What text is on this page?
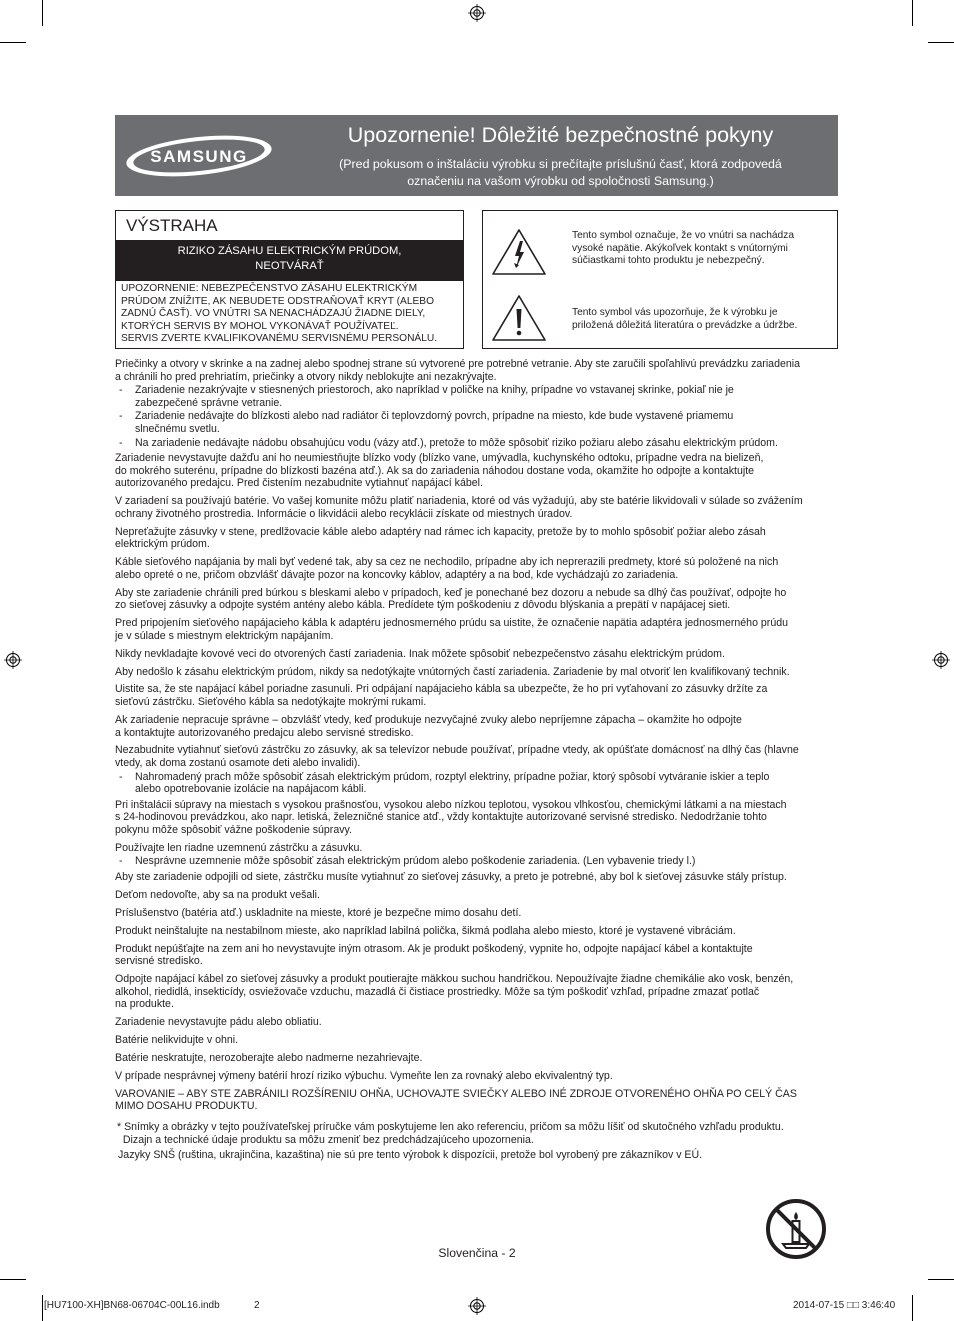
SAMSUNG
Upozornenie! Dôležité bezpečnostné pokyny
(Pred pokusom o inštaláciu výrobku si prečítajte príslušnú časť, ktorá zodpovedá
označeniu na vašom výrobku od spoločnosti Samsung.)
VÝSTRAHA
RIZIKO ZÁSAHU ELEKTRICKÝM PRÚDOM,
NEOTVÁRAŤ
UPOZORNENIE: NEBEZPEČENSTVO ZÁSAHU ELEKTRICKÝM
PRÚDOM ZNÍŽITE, AK NEBUDETE ODSTRAŇOVAŤ KRYT (ALEBO
ZADNÚ ČASŤ). VO VNÚTRI SA NENACHÁDZAJÚ ŽIADNE DIELY,
KTORÝCH SERVIS BY MOHOL VYKONÁVAŤ POUŽÍVATEĽ.
SERVIS ZVERTE KVALIFIKOVANÉMU SERVISNÉMU PERSONÁLU.
Tento symbol označuje, že vo vnútri sa nachádza
vysoké napätie. Akýkoľvek kontakt s vnútornými
súčiastkami tohto produktu je nebezpečný.
Tento symbol vás upozorňuje, že k výrobku je
priložená dôležitá literatúra o prevádzke a údržbe.
Priečinky a otvory v skrinke a na zadnej alebo spodnej strane sú vytvorené pre potrebné vetranie. Aby ste zaručili spoľahlivú prevádzku zariadenia
a chránili ho pred prehriatím, priečinky a otvory nikdy neblokujte ani nezakrývajte.
- Zariadenie nezakrývajte v stiesnených priestoroch, ako napríklad v poličke na knihy, prípadne vo vstavanej skrinke, pokiaľ nie je
zabezpečené správne vetranie.
- Zariadenie nedávajte do blízkosti alebo nad radiátor či teplovzdorný povrch, prípadne na miesto, kde bude vystavené priamemu
slnečnému svetlu.
- Na zariadenie nedávajte nádobu obsahujúcu vodu (vázy atď.), pretože to môže spôsobiť riziko požiaru alebo zásahu elektrickým prúdom.
Zariadenie nevystavujte dažďu ani ho neumiestňujte blízko vody (blízko vane, umývadla, kuchynského odtoku, prípadne vedra na bielizeň,
do mokrého suterénu, prípadne do blízkosti bazéna atď.). Ak sa do zariadenia náhodou dostane voda, okamžite ho odpojte a kontaktujte
autorizovaného predajcu. Pred čistením nezabudnite vytiahnuť napájací kábel.
V zariadení sa používajú batérie. Vo vašej komunite môžu platiť nariadenia, ktoré od vás vyžadujú, aby ste batérie likvidovali v súlade so zvážením
ochrany životného prostredia. Informácie o likvidácii alebo recyklácii získate od miestnych úradov.
Nepreťažujte zásuvky v stene, predlžovacie káble alebo adaptéry nad rámec ich kapacity, pretože by to mohlo spôsobiť požiar alebo zásah
elektrickým prúdom.
Káble sieťového napájania by mali byť vedené tak, aby sa cez ne nechodilo, prípadne aby ich neprerazili predmety, ktoré sú položené na nich
alebo opreté o ne, pričom obzvlášť dávajte pozor na koncovky káblov, adaptéry a na bod, kde vychádzajú zo zariadenia.
Aby ste zariadenie chránili pred búrkou s bleskami alebo v prípadoch, keď je ponechané bez dozoru a nebude sa dlhý čas používať, odpojte ho
zo sieťovej zásuvky a odpojte systém antény alebo kábla. Predídete tým poškodeniu z dôvodu blýskania a prepätí v napájacej sieti.
Pred pripojením sieťového napájacieho kábla k adaptéru jednosmerného prúdu sa uistite, že označenie napätia adaptéra jednosmerného prúdu
je v súlade s miestnym elektrickým napájaním.
Nikdy nevkladajte kovové veci do otvorených častí zariadenia. Inak môžete spôsobiť nebezpečenstvo zásahu elektrickým prúdom.
Aby nedošlo k zásahu elektrickým prúdom, nikdy sa nedotýkajte vnútorných častí zariadenia. Zariadenie by mal otvoriť len kvalifikovaný technik.
Uistite sa, že ste napájací kábel poriadne zasunuli. Pri odpájaní napájacieho kábla sa ubezpečte, že ho pri vyťahovaní zo zásuvky držíte za
sieťovú zástrčku. Sieťového kábla sa nedotýkajte mokrými rukami.
Ak zariadenie nepracuje správne – obzvlášť vtedy, keď produkuje nezvyčajné zvuky alebo nepríjemne zápacha – okamžite ho odpojte
a kontaktujte autorizovaného predajcu alebo servisné stredisko.
Nezabudnite vytiahnuť sieťovú zástrčku zo zásuvky, ak sa televízor nebude používať, prípadne vtedy, ak opúšťate domácnosť na dlhý čas (hlavne
vtedy, ak doma zostanú osamote deti alebo invalidi).
- Nahromadený prach môže spôsobiť zásah elektrickým prúdom, rozptyl elektriny, prípadne požiar, ktorý spôsobí vytváranie iskier a teplo
alebo opotrebovanie izolácie na napájacom kábli.
Pri inštalácii súpravy na miestach s vysokou prašnosťou, vysokou alebo nízkou teplotou, vysokou vlhkosťou, chemickými látkami a na miestach
s 24-hodinovou prevádzkou, ako napr. letiská, železničné stanice atď., vždy kontaktujte autorizované servisné stredisko. Nedodržanie tohto
pokynu môže spôsobiť vážne poškodenie súpravy.
Používajte len riadne uzemnenú zástrčku a zásuvku.
- Nesprávne uzemnenie môže spôsobiť zásah elektrickým prúdom alebo poškodenie zariadenia. (Len vybavenie triedy l.)
Aby ste zariadenie odpojili od siete, zástrčku musíte vytiahnuť zo sieťovej zásuvky, a preto je potrebné, aby bol k sieťovej zásuvke stály prístup.
Deťom nedovoľte, aby sa na produkt vešali.
Príslušenstvo (batéria atď.) uskladnite na mieste, ktoré je bezpečne mimo dosahu detí.
Produkt neinštalujte na nestabilnom mieste, ako napríklad labilná polička, šikmá podlaha alebo miesto, ktoré je vystavené vibráciám.
Produkt nepúšťajte na zem ani ho nevystavujte iným otrasom. Ak je produkt poškodený, vypnite ho, odpojte napájací kábel a kontaktujte
servisné stredisko.
Odpojte napájací kábel zo sieťovej zásuvky a produkt poutierajte mäkkou suchou handričkou. Nepoužívajte žiadne chemikálie ako vosk, benzén,
alkohol, riedidlá, insekticídy, osviežovače vzduchu, mazadlá či čistiace prostriedky. Môže sa tým poškodiť vzhľad, prípadne zmazať potlač
na produkte.
Zariadenie nevystavujte pádu alebo obliatiu.
Batérie nelikvidujte v ohni.
Batérie neskratujte, nerozoberajte alebo nadmerne nezahrievajte.
V prípade nesprávnej výmeny batérií hrozí riziko výbuchu. Vymeňte len za rovnaký alebo ekvivalentný typ.
VAROVANIE – ABY STE ZABRÁNILI ROZŠÍRENIU OHŇA, UCHOVAJTE SVIEČKY ALEBO INÉ ZDROJE OTVORENÉHO OHŇA PO CELÝ ČAS
MIMO DOSAHU PRODUKTU.
* Snímky a obrázky v tejto používateľskej príručke vám poskytujeme len ako referenciu, pričom sa môžu líšiť od skutočného vzhľadu produktu.
Dizajn a technické údaje produktu sa môžu zmeniť bez predchádzajúceho upozornenia.
Jazyky SNŠ (ruština, ukrajinčina, kazaština) nie sú pre tento výrobok k dispozícii, pretože bol vyrobený pre zákazníkov v EÚ.
Slovenčina - 2
[HU7100-XH]BN68-06704C-00L16.indb	2	2014-07-15 □□ 3:46:40
